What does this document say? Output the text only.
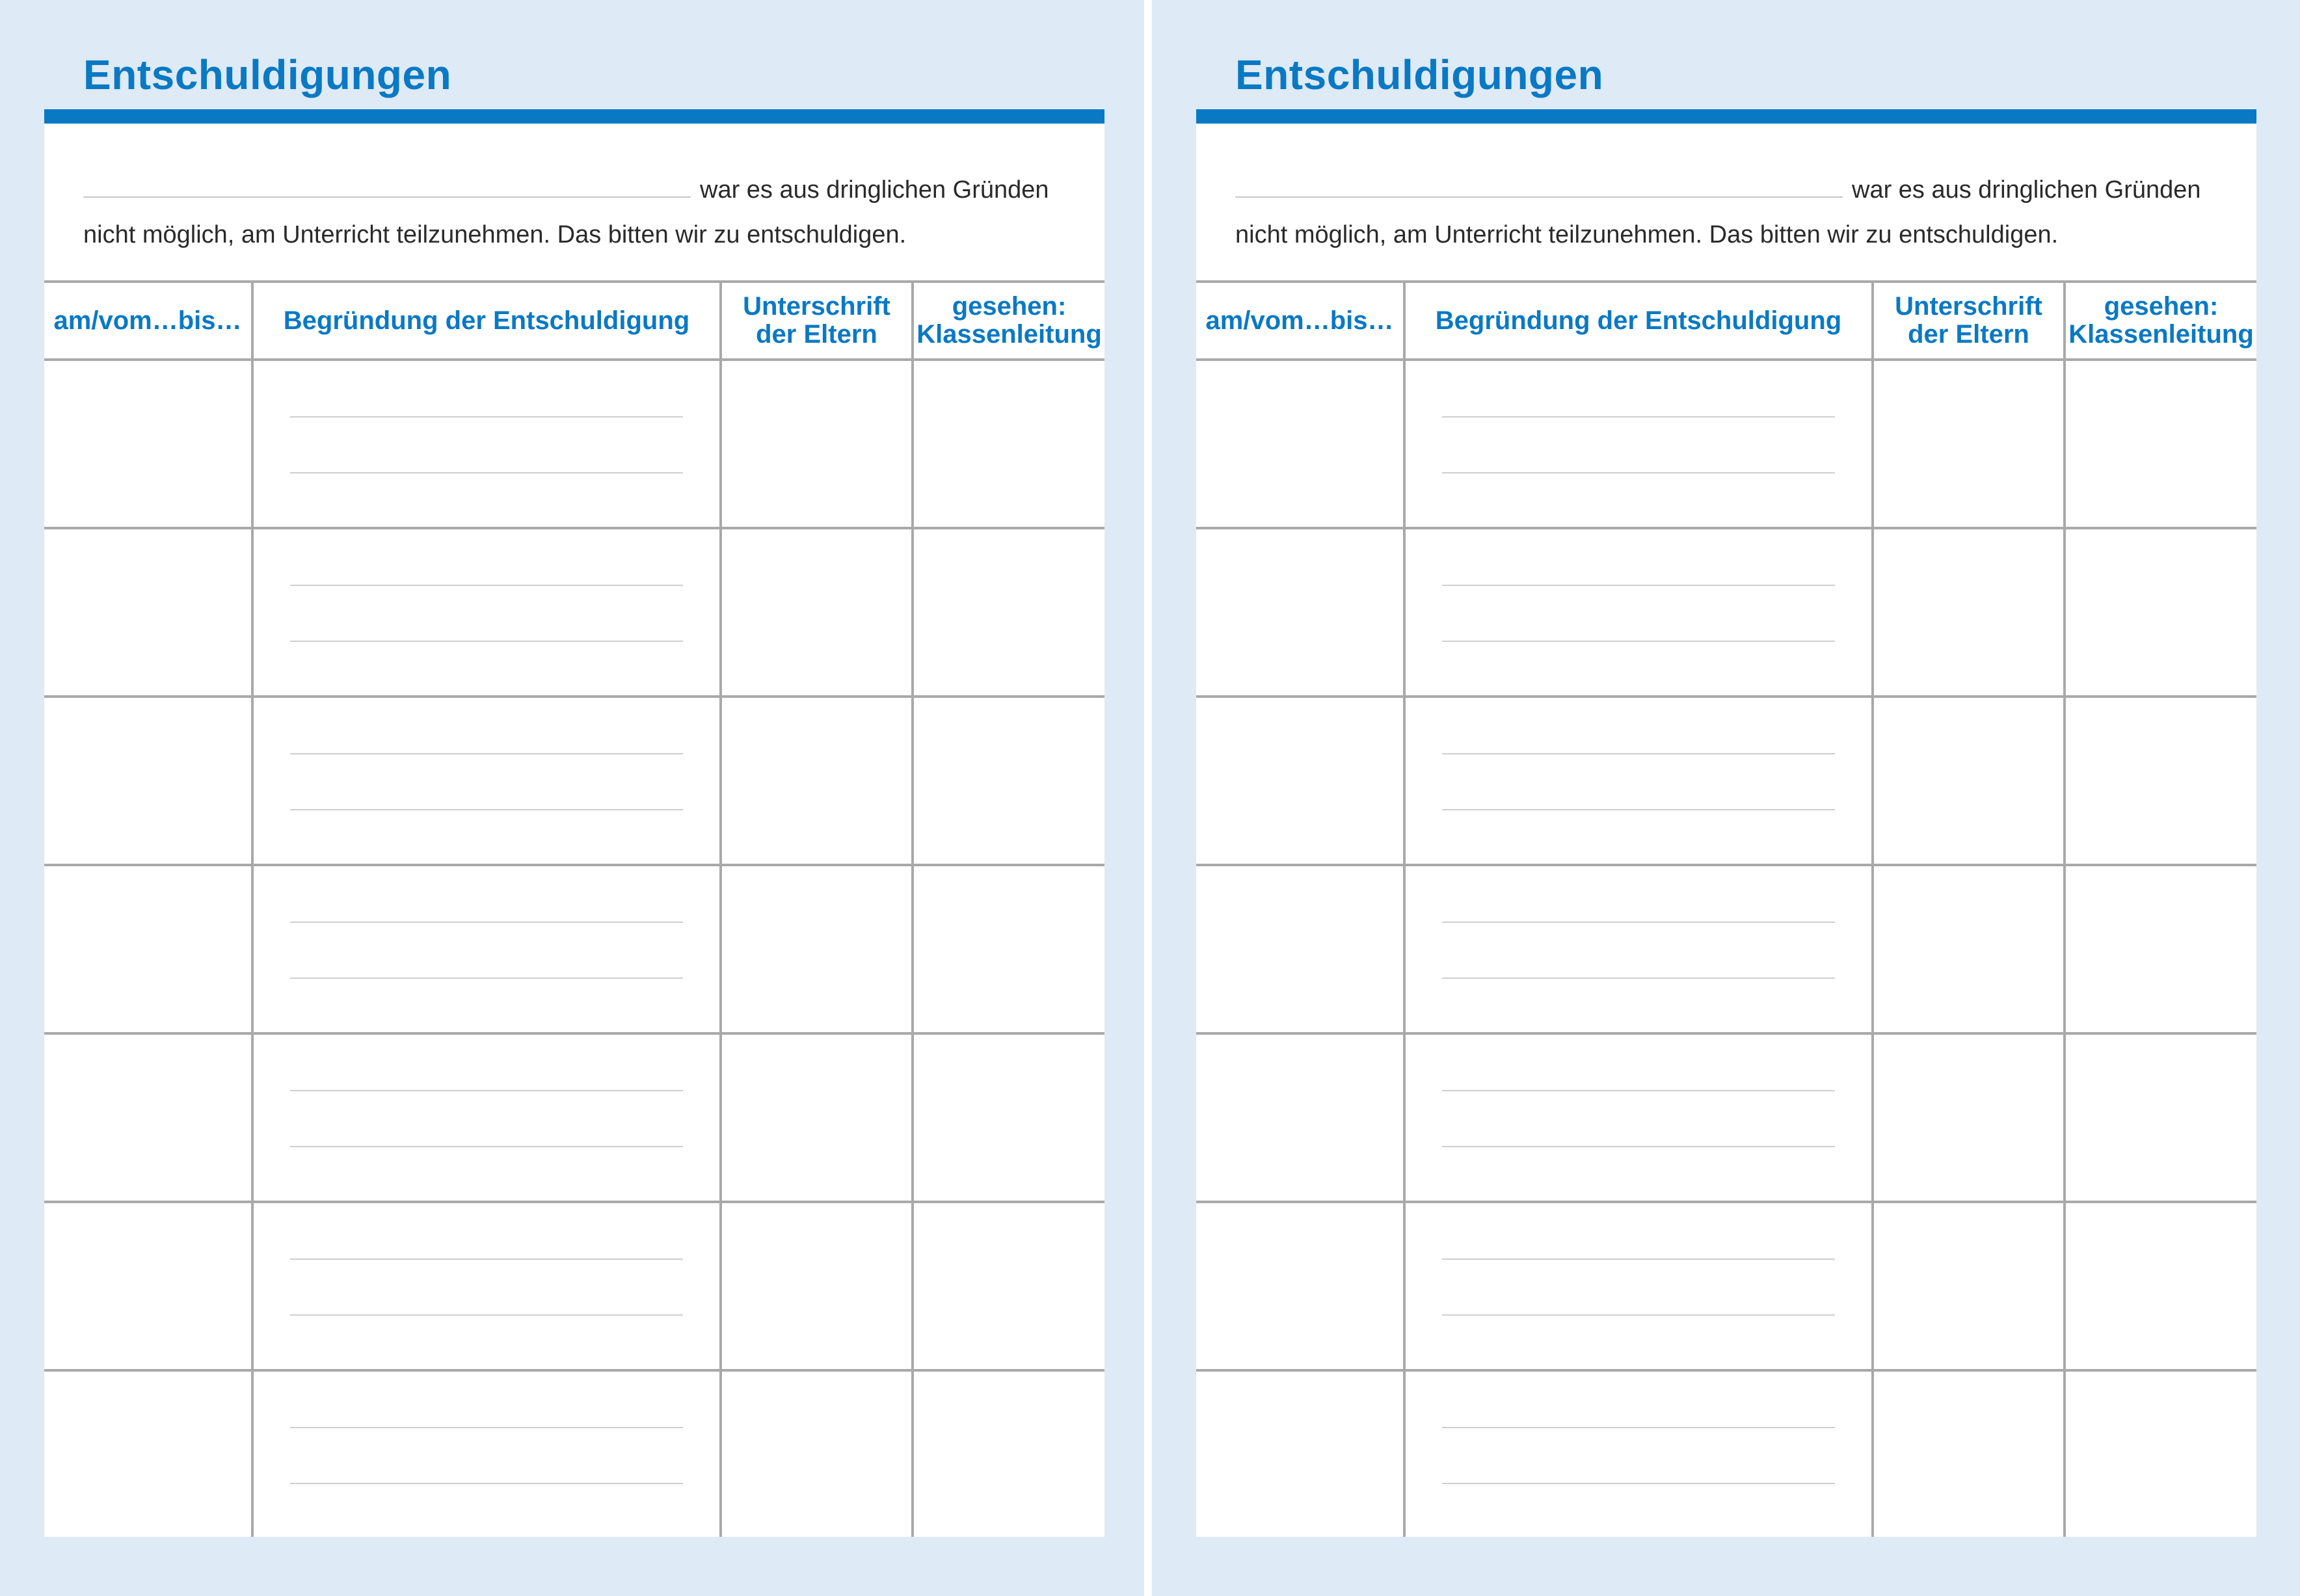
Entschuldigungen
war es aus dringlichen Gründen
nicht möglich, am Unterricht teilzunehmen. Das bitten wir zu entschuldigen.
am/vom…bis… Begründung der Entschuldigung Unterschrift
der Eltern
gesehen:
Klassenleitung
Entschuldigungen
war es aus dringlichen Gründen
nicht möglich, am Unterricht teilzunehmen. Das bitten wir zu entschuldigen.
am/vom…bis… Begründung der Entschuldigung Unterschrift
der Eltern
gesehen:
Klassenleitung
